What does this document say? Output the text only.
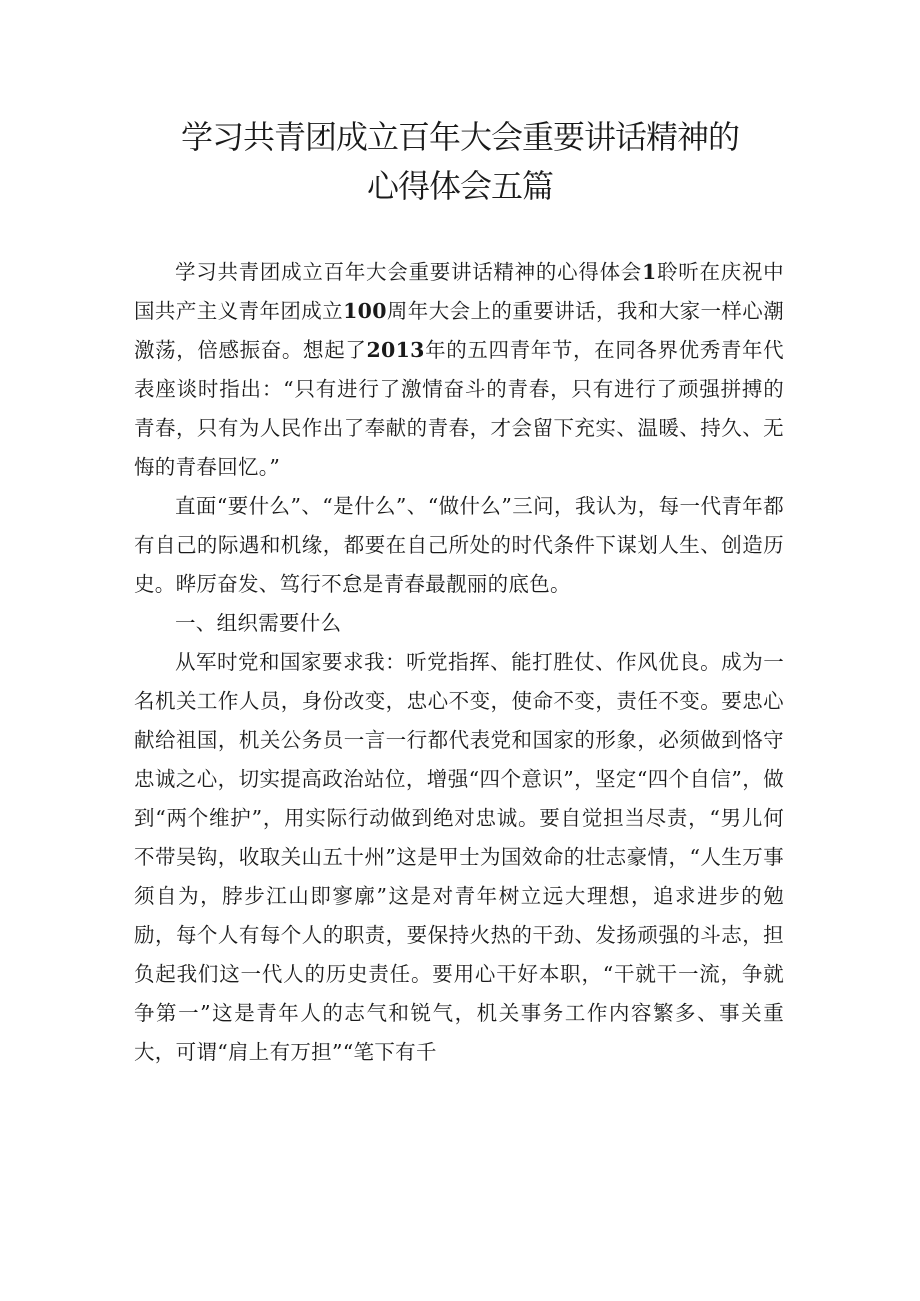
学习共青团成立百年大会重要讲话精神的
心得体会五篇

学习共青团成立百年大会重要讲话精神的心得体会1聆听在庆祝中国共产主义青年团成立100周年大会上的重要讲话，我和大家一样心潮激荡，倍感振奋。想起了2013年的五四青年节，在同各界优秀青年代表座谈时指出：“只有进行了激情奋斗的青春，只有进行了顽强拼搏的青春，只有为人民作出了奉献的青春，才会留下充实、温暖、持久、无悔的青春回忆。”

直面“要什么”、“是什么”、“做什么”三问，我认为，每一代青年都有自己的际遇和机缘，都要在自己所处的时代条件下谋划人生、创造历史。晔厉奋发、笃行不怠是青春最靓丽的底色。

一、组织需要什么

从军时党和国家要求我：听党指挥、能打胜仗、作风优良。成为一名机关工作人员，身份改变，忠心不变，使命不变，责任不变。要忠心献给祖国，机关公务员一言一行都代表党和国家的形象，必须做到恪守忠诚之心，切实提高政治站位，增强“四个意识”，坚定“四个自信”，做到“两个维护”，用实际行动做到绝对忠诚。要自觉担当尽责，“男儿何不带吴钩，收取关山五十州”这是甲士为国效命的壮志豪情，“人生万事须自为，脖步江山即寥廓”这是对青年树立远大理想，追求进步的勉励，每个人有每个人的职责，要保持火热的干劲、发扬顽强的斗志，担负起我们这一代人的历史责任。要用心干好本职，“干就干一流，争就争第一”这是青年人的志气和锐气，机关事务工作内容繁多、事关重大，可谓“肩上有万担”“笔下有千
